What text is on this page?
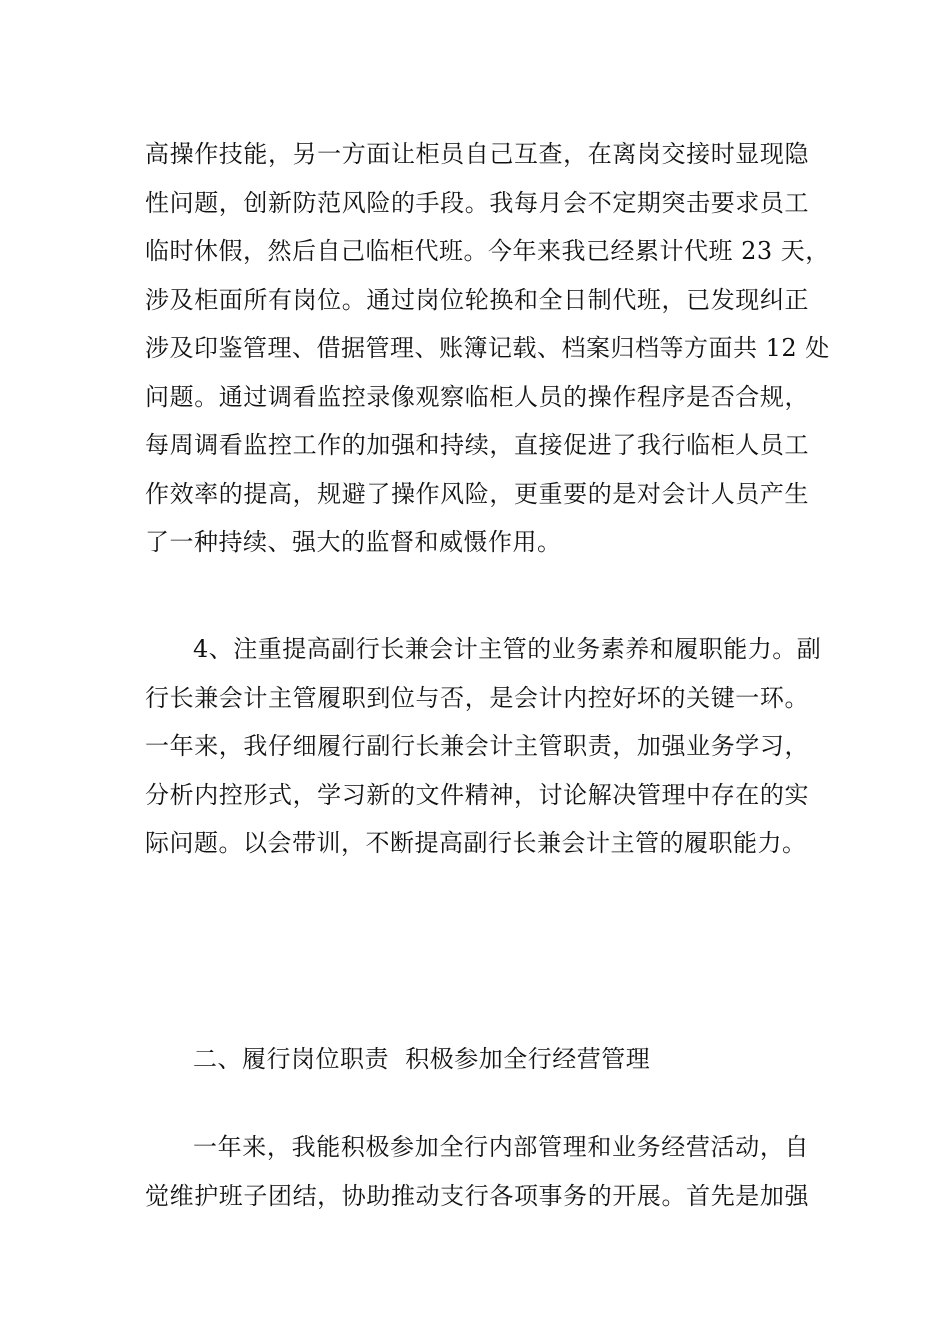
高操作技能，另一方面让柜员自己互查，在离岗交接时显现隐
性问题，创新防范风险的手段。我每月会不定期突击要求员工
临时休假，然后自己临柜代班。今年来我已经累计代班 23 天，
涉及柜面所有岗位。通过岗位轮换和全日制代班，已发现纠正
涉及印鉴管理、借据管理、账簿记载、档案归档等方面共 12 处
问题。通过调看监控录像观察临柜人员的操作程序是否合规，
每周调看监控工作的加强和持续，直接促进了我行临柜人员工
作效率的提高，规避了操作风险，更重要的是对会计人员产生
了一种持续、强大的监督和威慑作用。

4、注重提高副行长兼会计主管的业务素养和履职能力。副
行长兼会计主管履职到位与否，是会计内控好坏的关键一环。
一年来，我仔细履行副行长兼会计主管职责，加强业务学习，
分析内控形式，学习新的文件精神，讨论解决管理中存在的实
际问题。以会带训，不断提高副行长兼会计主管的履职能力。

二、履行岗位职责  积极参加全行经营管理

一年来，我能积极参加全行内部管理和业务经营活动，自
觉维护班子团结，协助推动支行各项事务的开展。首先是加强
